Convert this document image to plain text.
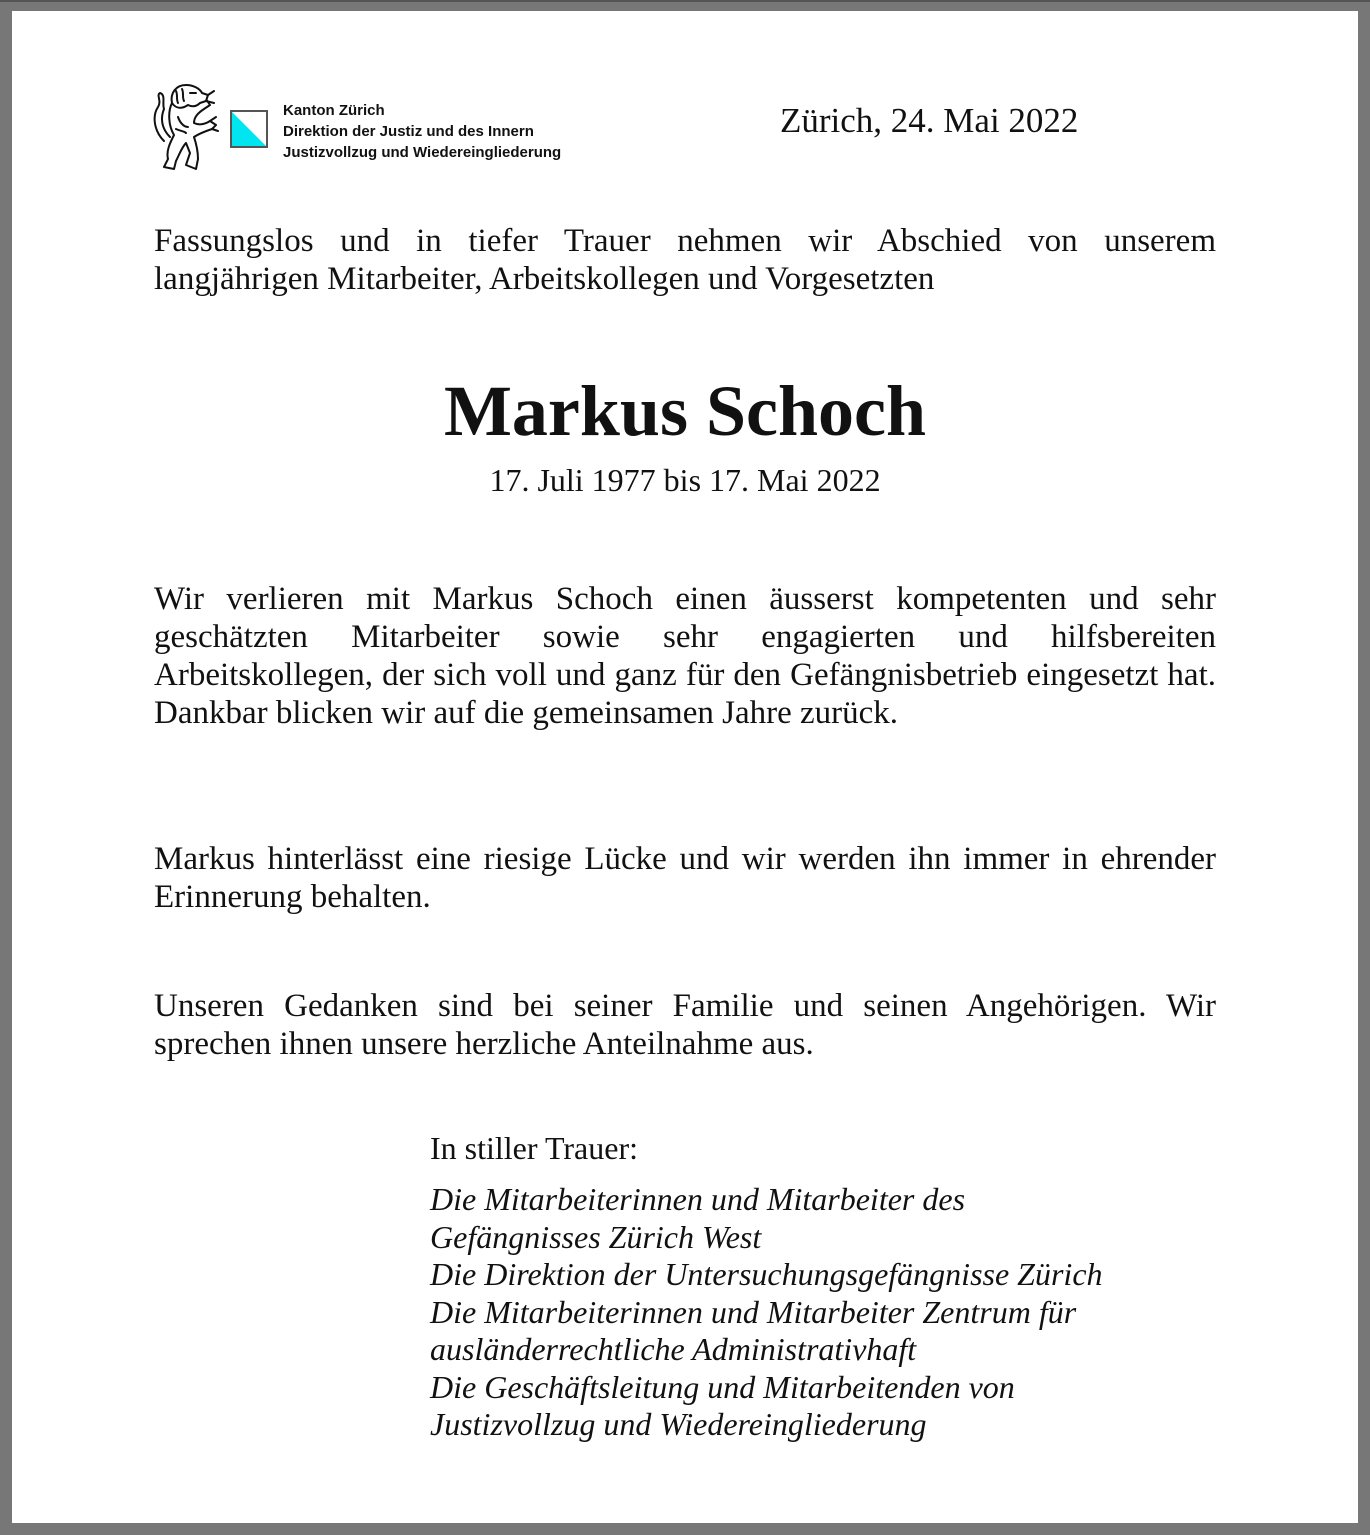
Kanton Zürich
Direktion der Justiz und des Innern
Justizvollzug und Wiedereingliederung
Zürich, 24. Mai 2022
Fassungslos und in tiefer Trauer nehmen wir Abschied von unserem langjährigen Mitarbeiter, Arbeitskollegen und Vorgesetzten
Markus Schoch
17. Juli 1977 bis 17. Mai 2022

Wir verlieren mit Markus Schoch einen äusserst kompetenten und sehr geschätzten Mitarbeiter sowie sehr engagierten und hilfsbereiten Arbeitskollegen, der sich voll und ganz für den Gefängnisbetrieb eingesetzt hat. Dankbar blicken wir auf die gemeinsamen Jahre zurück.

Markus hinterlässt eine riesige Lücke und wir werden ihn immer in ehrender Erinnerung behalten.

Unseren Gedanken sind bei seiner Familie und seinen Angehörigen. Wir sprechen ihnen unsere herzliche Anteilnahme aus.

In stiller Trauer:
Die Mitarbeiterinnen und Mitarbeiter des
Gefängnisses Zürich West
Die Direktion der Untersuchungsgefängnisse Zürich
Die Mitarbeiterinnen und Mitarbeiter Zentrum für
ausländerrechtliche Administrativhaft
Die Geschäftsleitung und Mitarbeitenden von
Justizvollzug und Wiedereingliederung
